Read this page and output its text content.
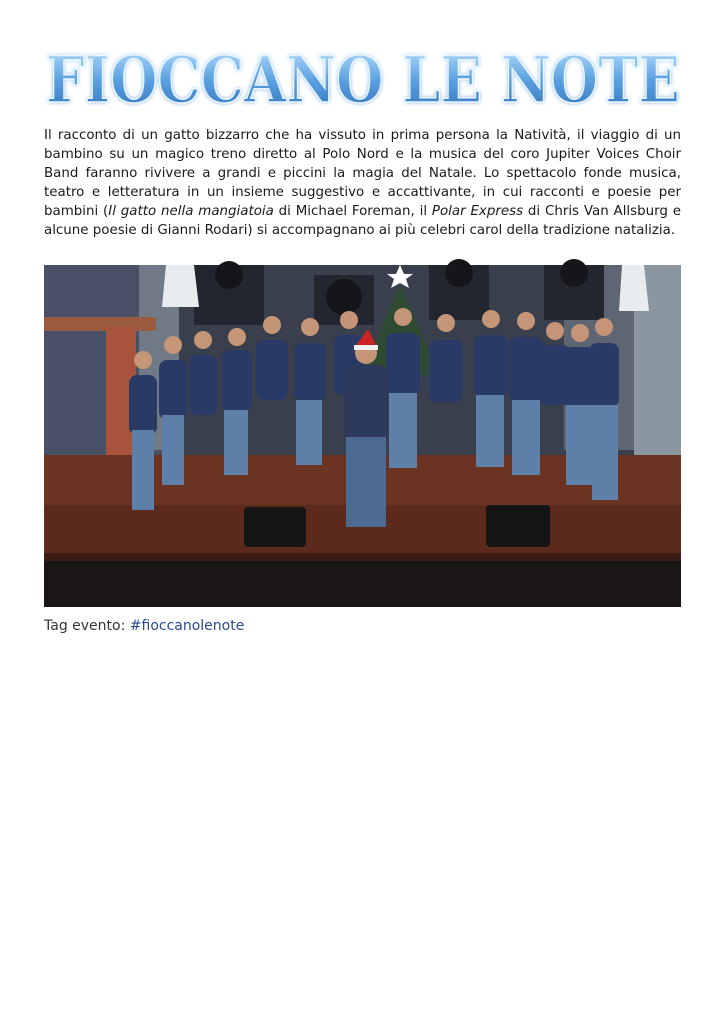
FIOCCANO LE NOTE

Il racconto di un gatto bizzarro che ha vissuto in prima persona la Natività, il viaggio di un bambino su un magico treno diretto al Polo Nord e la musica del coro Jupiter Voices Choir Band faranno rivivere a grandi e piccini la magia del Natale. Lo spettacolo fonde musica, teatro e letteratura in un insieme suggestivo e accattivante, in cui racconti e poesie per bambini (Il gatto nella mangiatoia di Michael Foreman, il Polar Express di Chris Van Allsburg e alcune poesie di Gianni Rodari) si accompagnano ai più celebri carol della tradizione natalizia.

Tag evento: #fioccanolenote
